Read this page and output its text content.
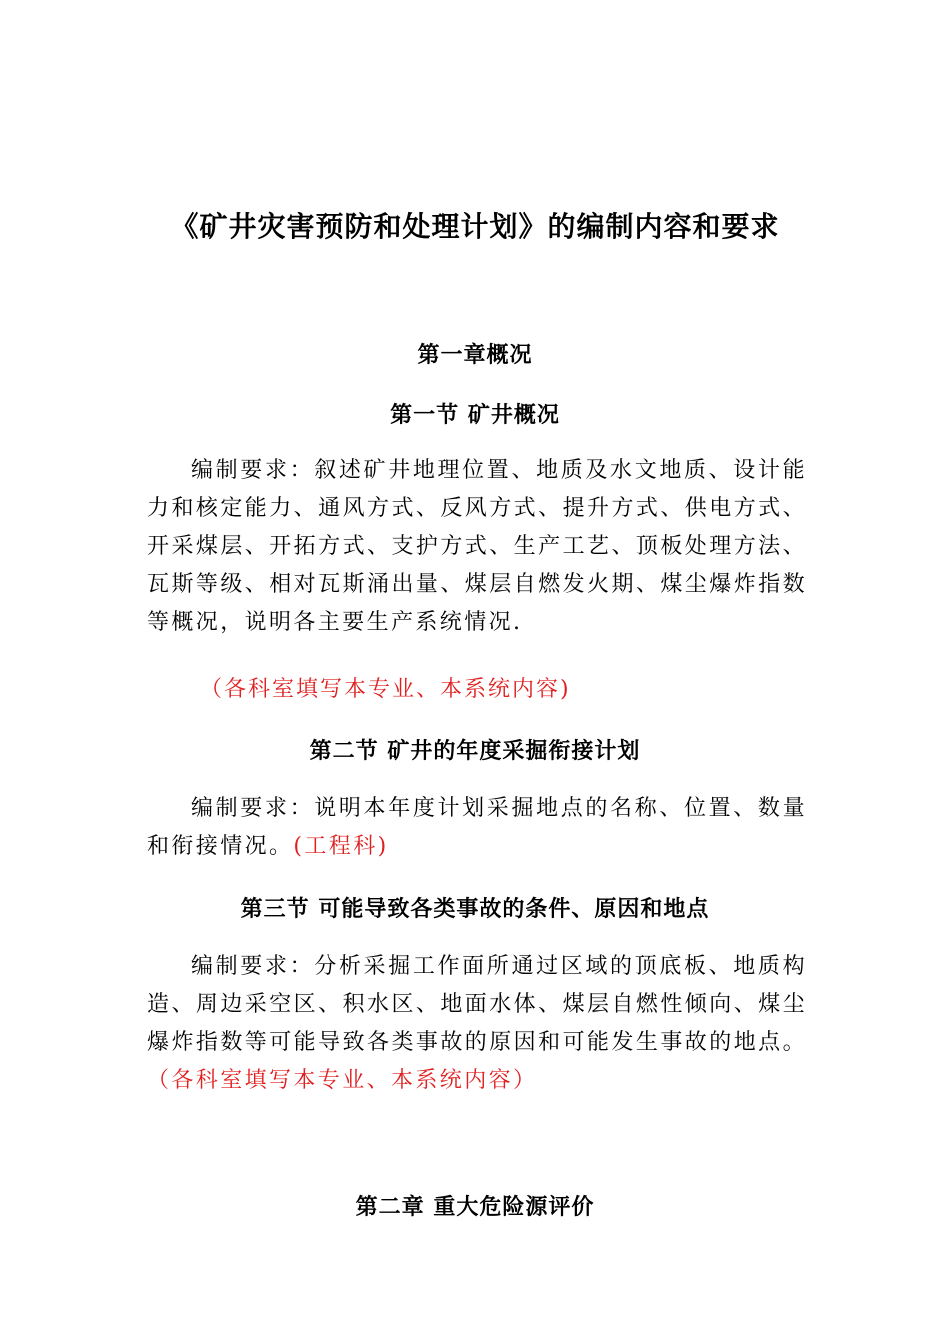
《矿井灾害预防和处理计划》的编制内容和要求
第一章概况
第一节 矿井概况
编制要求：叙述矿井地理位置、地质及水文地质、设计能力和核定能力、通风方式、反风方式、提升方式、供电方式、开采煤层、开拓方式、支护方式、生产工艺、顶板处理方法、瓦斯等级、相对瓦斯涌出量、煤层自燃发火期、煤尘爆炸指数等概况，说明各主要生产系统情况.
（各科室填写本专业、本系统内容)
第二节 矿井的年度采掘衔接计划
编制要求：说明本年度计划采掘地点的名称、位置、数量和衔接情况。(工程科)
第三节 可能导致各类事故的条件、原因和地点
编制要求：分析采掘工作面所通过区域的顶底板、地质构造、周边采空区、积水区、地面水体、煤层自燃性倾向、煤尘爆炸指数等可能导致各类事故的原因和可能发生事故的地点。（各科室填写本专业、本系统内容）
第二章 重大危险源评价
